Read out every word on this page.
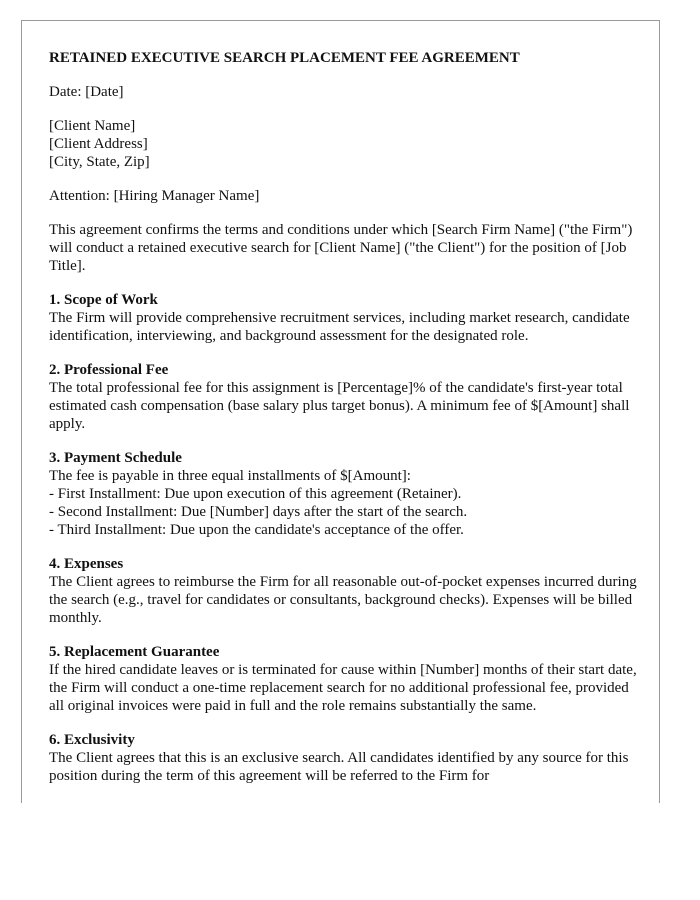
RETAINED EXECUTIVE SEARCH PLACEMENT FEE AGREEMENT

Date: [Date]

[Client Name]
[Client Address]
[City, State, Zip]

Attention: [Hiring Manager Name]

This agreement confirms the terms and conditions under which [Search Firm Name] ("the Firm") will conduct a retained executive search for [Client Name] ("the Client") for the position of [Job Title].

1. Scope of Work
The Firm will provide comprehensive recruitment services, including market research, candidate identification, interviewing, and background assessment for the designated role.
2. Professional Fee
The total professional fee for this assignment is [Percentage]% of the candidate's first-year total estimated cash compensation (base salary plus target bonus). A minimum fee of $[Amount] shall apply.
3. Payment Schedule
The fee is payable in three equal installments of $[Amount]:
- First Installment: Due upon execution of this agreement (Retainer).
- Second Installment: Due [Number] days after the start of the search.
- Third Installment: Due upon the candidate's acceptance of the offer.
4. Expenses
The Client agrees to reimburse the Firm for all reasonable out-of-pocket expenses incurred during the search (e.g., travel for candidates or consultants, background checks). Expenses will be billed monthly.
5. Replacement Guarantee
If the hired candidate leaves or is terminated for cause within [Number] months of their start date, the Firm will conduct a one-time replacement search for no additional professional fee, provided all original invoices were paid in full and the role remains substantially the same.
6. Exclusivity
The Client agrees that this is an exclusive search. All candidates identified by any source for this position during the term of this agreement will be referred to the Firm for
